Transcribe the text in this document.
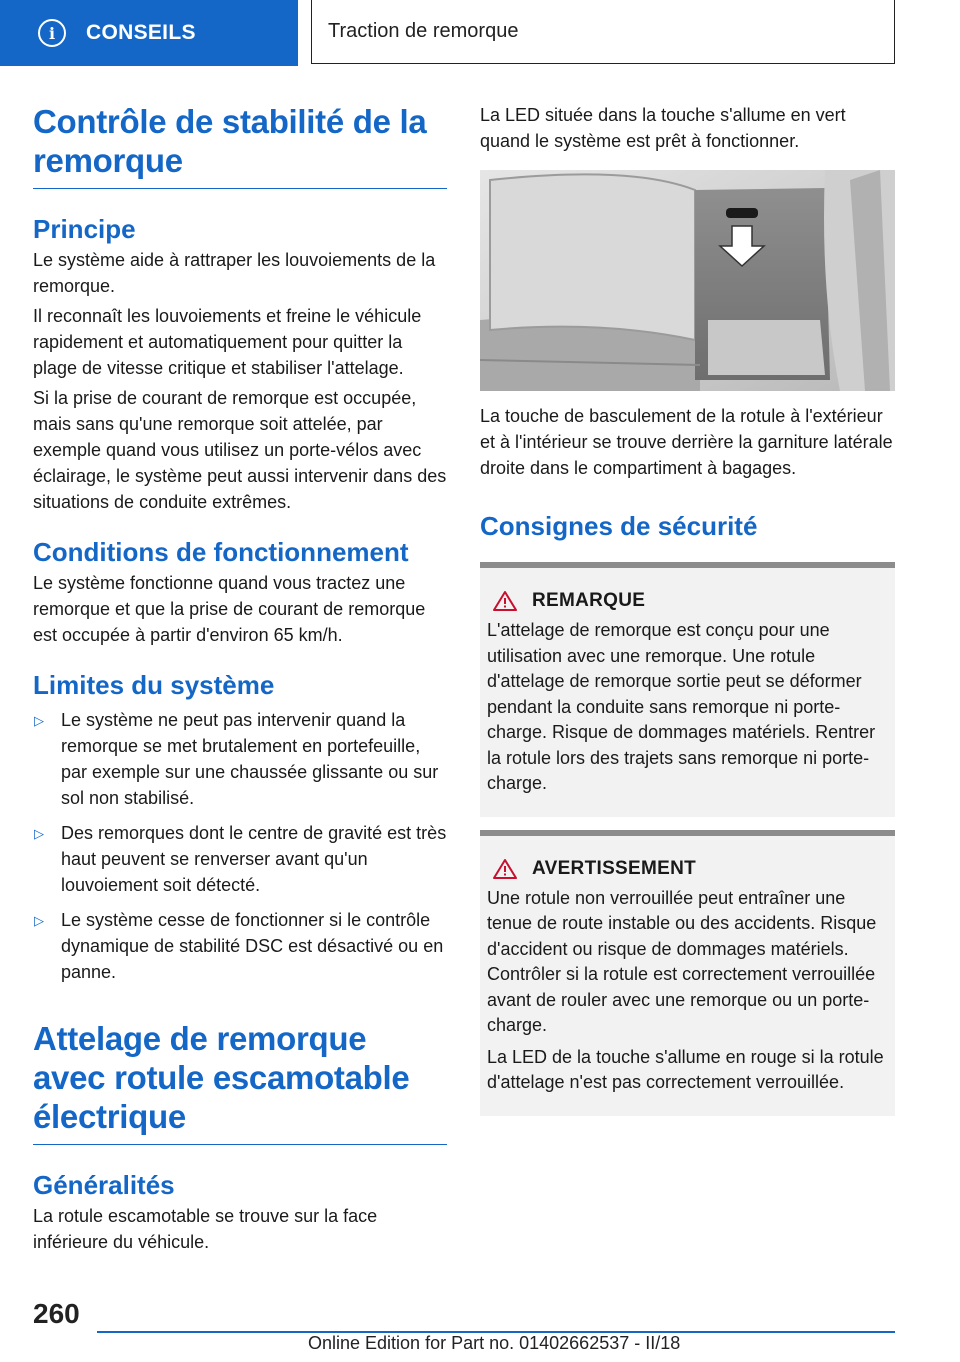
i	CONSEILS	Traction de remorque
Contrôle de stabilité de la remorque
Principe

Le système aide à rattraper les louvoiements de la remorque.

Il reconnaît les louvoiements et freine le véhicule rapidement et automatiquement pour quitter la plage de vitesse critique et stabiliser l'attelage.

Si la prise de courant de remorque est occupée, mais sans qu'une remorque soit attelée, par exemple quand vous utilisez un porte-vélos avec éclairage, le système peut aussi intervenir dans des situations de conduite extrêmes.

Conditions de fonctionnement

Le système fonctionne quand vous tractez une remorque et que la prise de courant de remorque est occupée à partir d'environ 65 km/h.

Limites du système
▷ Le système ne peut pas intervenir quand la remorque se met brutalement en portefeuille, par exemple sur une chaussée glissante ou sur sol non stabilisé.
▷ Des remorques dont le centre de gravité est très haut peuvent se renverser avant qu'un louvoiement soit détecté.
▷ Le système cesse de fonctionner si le contrôle dynamique de stabilité DSC est désactivé ou en panne.
Attelage de remorque avec rotule escamotable électrique
Généralités

La rotule escamotable se trouve sur la face inférieure du véhicule.

La LED située dans la touche s'allume en vert quand le système est prêt à fonctionner.

La touche de basculement de la rotule à l'extérieur et à l'intérieur se trouve derrière la garniture latérale droite dans le compartiment à bagages.

Consignes de sécurité
REMARQUE

L'attelage de remorque est conçu pour une utilisation avec une remorque. Une rotule d'attelage de remorque sortie peut se déformer pendant la conduite sans remorque ni porte-charge. Risque de dommages matériels. Rentrer la rotule lors des trajets sans remorque ni porte-charge.

AVERTISSEMENT

Une rotule non verrouillée peut entraîner une tenue de route instable ou des accidents. Risque d'accident ou risque de dommages matériels. Contrôler si la rotule est correctement verrouillée avant de rouler avec une remorque ou un porte-charge.

La LED de la touche s'allume en rouge si la rotule d'attelage n'est pas correctement verrouillée.

260
Online Edition for Part no. 01402662537 - II/18
